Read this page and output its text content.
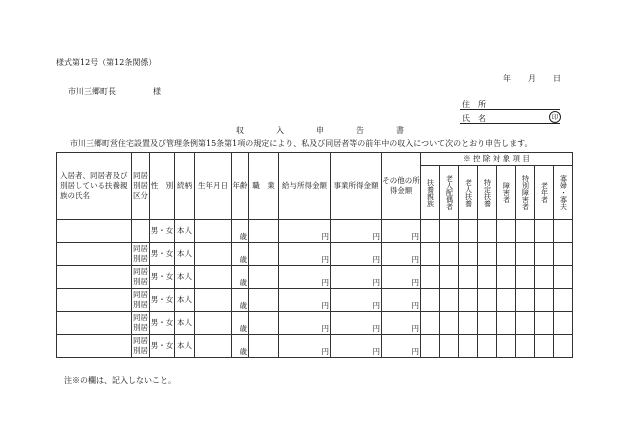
様式第12号（第12条関係）
年 月 日
市川三郷町長	様
住　所
氏　名	印
収	入	申	告	書
市川三郷町営住宅設置及び管理条例第15条第1項の規定により、私及び同居者等の前年中の収入について次のとおり申告します。
入居者、同居者及び別居している扶養親族の氏名	同居別居区分	性　別	続柄	生年月日	年齢	職　業	給与所得金額	事業所得金額	その他の所得金額	※ 控 除 対 象 項 目							

										扶養親族	老人配偶者	老人扶養	特定扶養	障害者	特別障害者	老年者	寡婦・寡夫

		男・女	本人		歳		円	円	円								
	同居別居	男・女	本人		歳		円	円	円								
	同居別居	男・女	本人		歳		円	円	円								
	同居別居	男・女	本人		歳		円	円	円								
	同居別居	男・女	本人		歳		円	円	円								
	同居別居	男・女	本人		歳		円	円	円								
注※の欄は、記入しないこと。
